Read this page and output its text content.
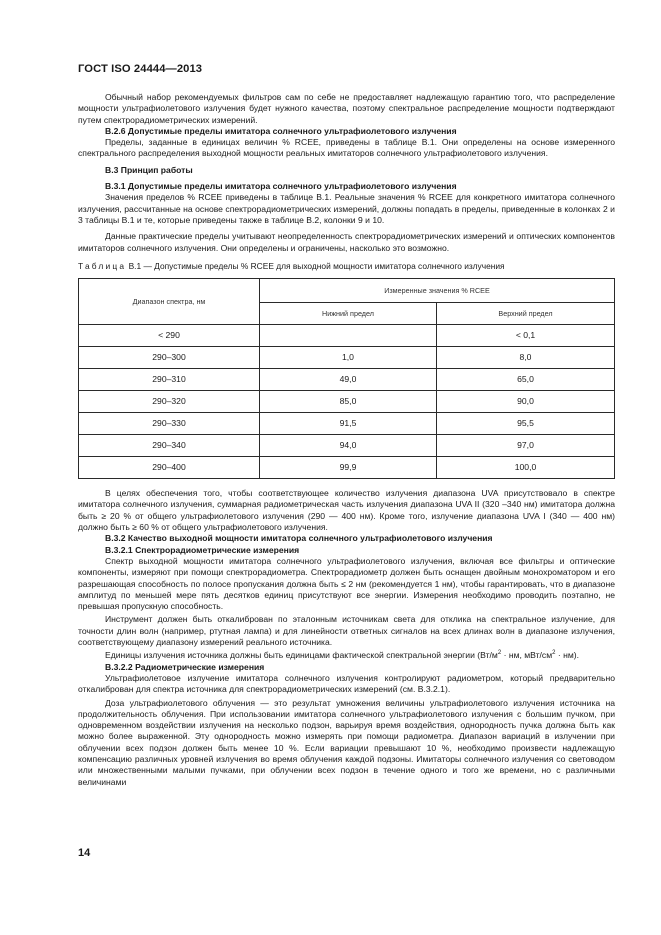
ГОСТ ISO 24444—2013

Обычный набор рекомендуемых фильтров сам по себе не предоставляет надлежащую гарантию того, что распределение мощности ультрафиолетового излучения будет нужного качества, поэтому спектральное распределение мощности подтверждают путем спектрорадиометрических измерений.

В.2.6 Допустимые пределы имитатора солнечного ультрафиолетового излучения

Пределы, заданные в единицах величин % RCEE, приведены в таблице В.1. Они определены на основе измеренного спектрального распределения выходной мощности реальных имитаторов солнечного ультрафиолетового излучения.

В.3 Принцип работы

В.3.1 Допустимые пределы имитатора солнечного ультрафиолетового излучения

Значения пределов % RCEE приведены в таблице В.1. Реальные значения % RCEE для конкретного имитатора солнечного излучения, рассчитанные на основе спектрорадиометрических измерений, должны попадать в пределы, приведенные в колонках 2 и 3 таблицы В.1 и те, которые приведены также в таблице В.2, колонки 9 и 10.

Данные практические пределы учитывают неопределенность спектрорадиометрических измерений и оптических компонентов имитаторов солнечного излучения. Они определены и ограничены, насколько это возможно.

Таблица В.1 — Допустимые пределы % RCEE для выходной мощности имитатора солнечного излучения

Диапазон спектра, нм	Измеренные значения % RCEE	
	Нижний предел	Верхний предел
< 290		< 0,1
290–300	1,0	8,0
290–310	49,0	65,0
290–320	85,0	90,0
290–330	91,5	95,5
290–340	94,0	97,0
290–400	99,9	100,0

В целях обеспечения того, чтобы соответствующее количество излучения диапазона UVA присутствовало в спектре имитатора солнечного излучения, суммарная радиометрическая часть излучения диапазона UVA II (320 –340 нм) имитатора должна быть ≥ 20 % от общего ультрафиолетового излучения (290 — 400 нм). Кроме того, излучение диапазона UVA I (340 — 400 нм) должно быть ≥ 60 % от общего ультрафиолетового излучения.

В.3.2 Качество выходной мощности имитатора солнечного ультрафиолетового излучения

В.3.2.1 Спектрорадиометрические измерения

Спектр выходной мощности имитатора солнечного ультрафиолетового излучения, включая все фильтры и оптические компоненты, измеряют при помощи спектрорадиометра. Спектрорадиометр должен быть оснащен двойным монохроматором и его разрешающая способность по полосе пропускания должна быть ≤ 2 нм (рекомендуется 1 нм), чтобы гарантировать, что в диапазоне амплитуд по меньшей мере пять десятков единиц присутствуют все энергии. Измерения необходимо проводить поэтапно, не превышая пропускную способность.

Инструмент должен быть откалиброван по эталонным источникам света для отклика на спектральное излучение, для точности длин волн (например, ртутная лампа) и для линейности ответных сигналов на всех длинах волн в диапазоне излучения, соответствующему диапазону измерений реального источника.

Единицы излучения источника должны быть единицами фактической спектральной энергии ($Вт/м^2$ · нм, мВт/$см^2 \cdot нм$).

В.3.2.2 Радиометрические измерения

Ультрафиолетовое излучение имитатора солнечного излучения контролируют радиометром, который предварительно откалиброван для спектра источника для спектрорадиометрических измерений (см. В.3.2.1).

Доза ультрафиолетового облучения — это результат умножения величины ультрафиолетового излучения источника на продолжительность облучения. При использовании имитатора солнечного ультрафиолетового излучения с большим пучком, при одновременном воздействии излучения на несколько подзон, варьируя время воздействия, однородность пучка должна быть как можно более выраженной. Эту однородность можно измерять при помощи радиометра. Диапазон вариаций в излучении при облучении всех подзон должен быть менее 10 %. Если вариации превышают 10 %, необходимо произвести надлежащую компенсацию различных уровней излучения во время облучения каждой подзоны. Имитаторы солнечного излучения со световодом или множественными малыми пучками, при облучении всех подзон в течение одного и того же времени, но с различными величинами

14
